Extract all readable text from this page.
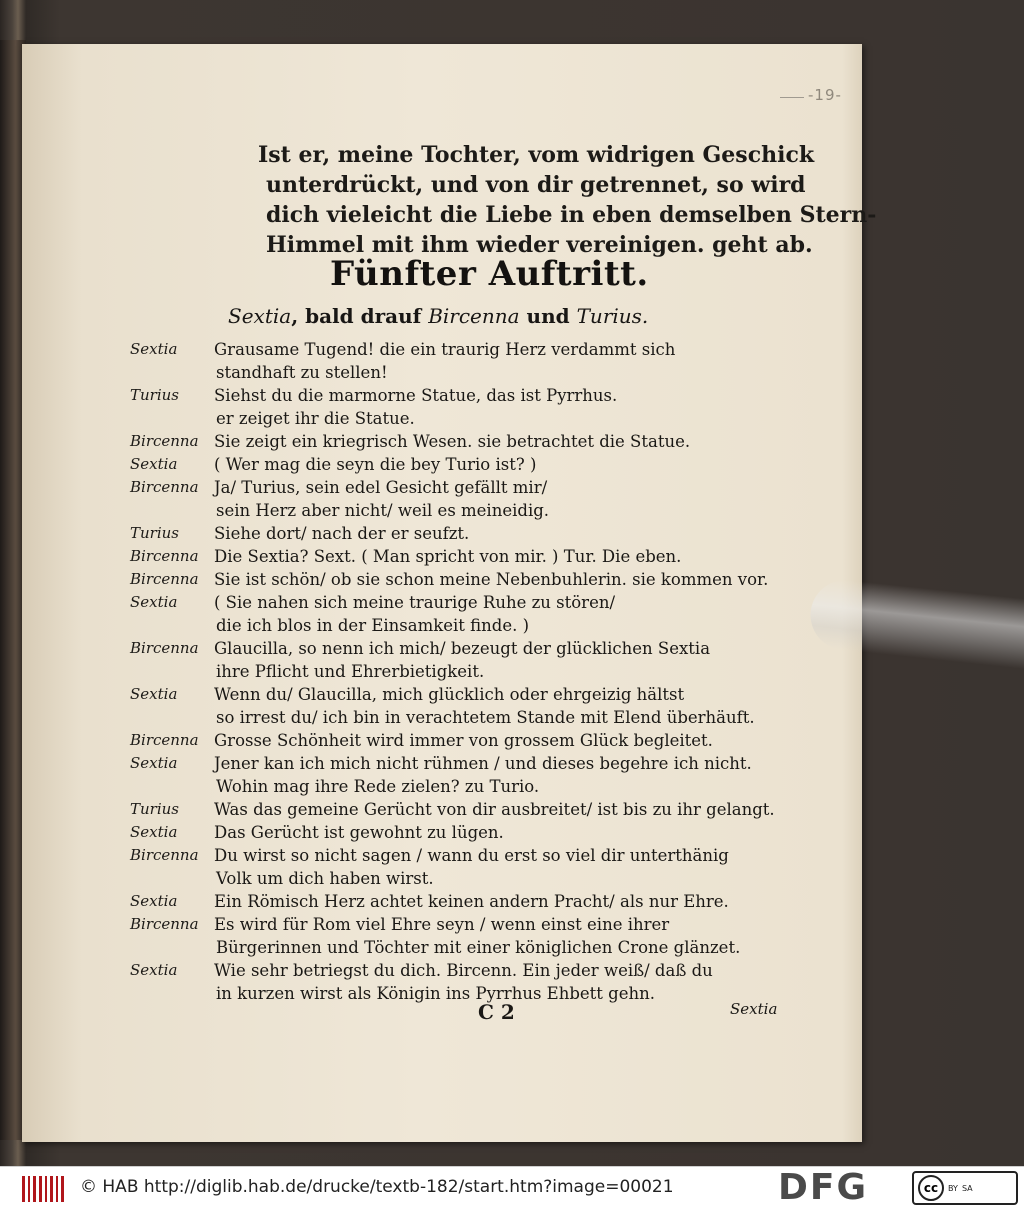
-19-
Ist er, meine Tochter, vom widrigen Geschick
unterdrückt, und von dir getrennet, so wird
dich vieleicht die Liebe in eben demselben Stern-
Himmel mit ihm wieder vereinigen. geht ab.
Fünfter Auftritt.
Sextia, bald drauf Bircenna und Turius.
Sextia	Grausame Tugend! die ein traurig Herz verdammt sich
standhaft zu stellen!
Turius	Siehst du die marmorne Statue, das ist Pyrrhus.
er zeiget ihr die Statue.
Bircenna Sie zeigt ein kriegrisch Wesen. sie betrachtet die Statue.
Sextia	( Wer mag die seyn die bey Turio ist? )
Bircenna Ja/ Turius, sein edel Gesicht gefällt mir/
sein Herz aber nicht/ weil es meineidig.
Turius	Siehe dort/ nach der er seufzt.
Bircenna Die Sextia? Sext. ( Man spricht von mir. ) Tur. Die eben.
Bircenna Sie ist schön/ ob sie schon meine Nebenbuhlerin. sie kommen vor.
Sextia	( Sie nahen sich meine traurige Ruhe zu stören/
die ich blos in der Einsamkeit finde. )
Bircenna Glaucilla, so nenn ich mich/ bezeugt der glücklichen Sextia
ihre Pflicht und Ehrerbietigkeit.
Sextia	Wenn du/ Glaucilla, mich glücklich oder ehrgeizig hältst
so irrest du/ ich bin in verachtetem Stande mit Elend überhäuft.
Bircenna Grosse Schönheit wird immer von grossem Glück begleitet.
Sextia	Jener kan ich mich nicht rühmen / und dieses begehre ich nicht.
Wohin mag ihre Rede zielen? zu Turio.
Turius	Was das gemeine Gerücht von dir ausbreitet/ ist bis zu ihr gelangt.
Sextia	Das Gerücht ist gewohnt zu lügen.
Bircenna Du wirst so nicht sagen / wann du erst so viel dir unterthänig
Volk um dich haben wirst.
Sextia	Ein Römisch Herz achtet keinen andern Pracht/ als nur Ehre.
Bircenna Es wird für Rom viel Ehre seyn / wenn einst eine ihrer
Bürgerinnen und Töchter mit einer königlichen Crone glänzet.
Sextia	Wie sehr betriegst du dich. Bircenn. Ein jeder weiß/ daß du
in kurzen wirst als Königin ins Pyrrhus Ehbett gehn.
C 2	Sextia
© HAB http://diglib.hab.de/drucke/textb-182/start.htm?image=00021	DFG	cc	BY SA
